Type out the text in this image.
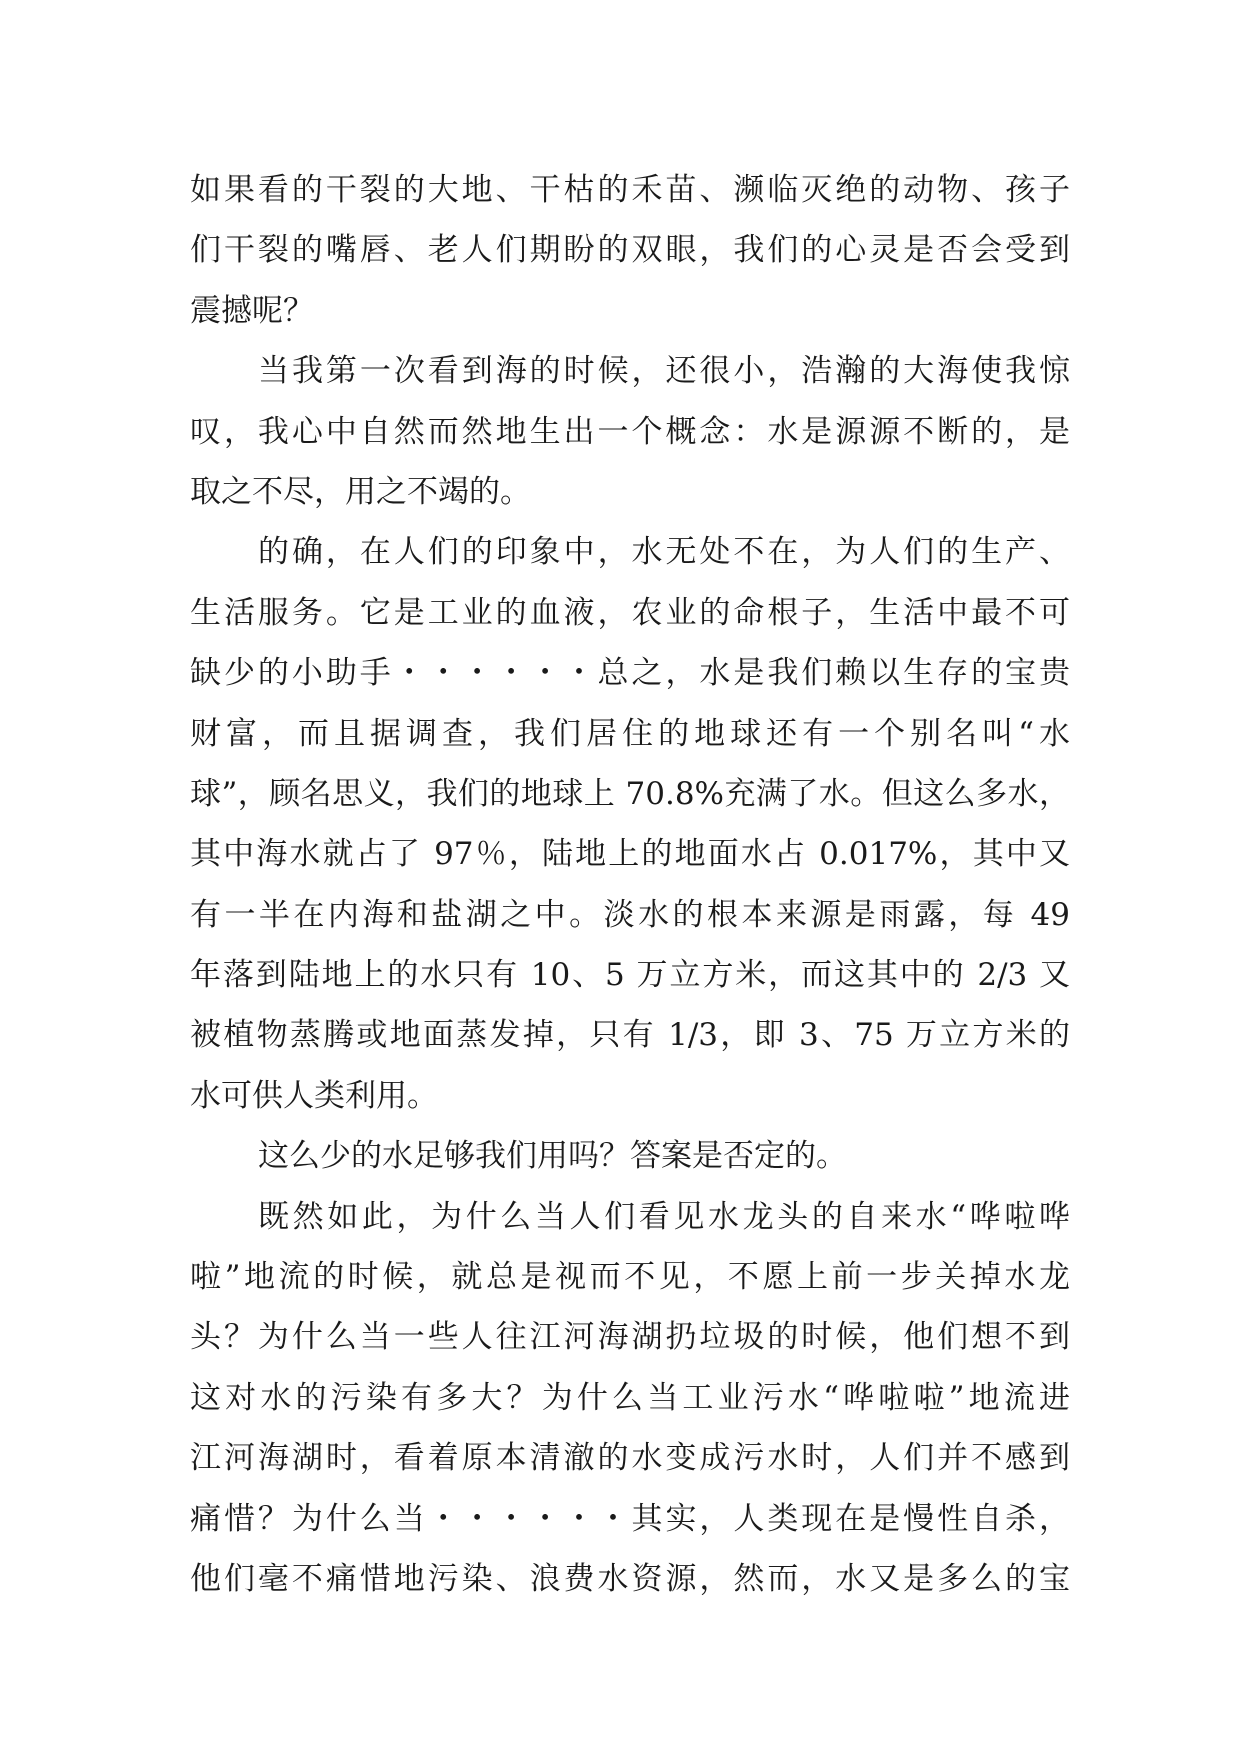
如果看的干裂的大地、干枯的禾苗、濒临灭绝的动物、孩子
们干裂的嘴唇、老人们期盼的双眼，我们的心灵是否会受到
震撼呢？
当我第一次看到海的时候，还很小，浩瀚的大海使我惊
叹，我心中自然而然地生出一个概念：水是源源不断的，是
取之不尽，用之不竭的。
的确，在人们的印象中，水无处不在，为人们的生产、
生活服务。它是工业的血液，农业的命根子，生活中最不可
缺少的小助手・・・・・・总之，水是我们赖以生存的宝贵
财富，而且据调查，我们居住的地球还有一个别名叫“水
球”，顾名思义，我们的地球上 70.8%充满了水。但这么多水，
其中海水就占了 97％，陆地上的地面水占 0.017%，其中又
有一半在内海和盐湖之中。淡水的根本来源是雨露，每 49
年落到陆地上的水只有 10、5 万立方米，而这其中的 2/3 又
被植物蒸腾或地面蒸发掉，只有 1/3，即 3、75 万立方米的
水可供人类利用。
这么少的水足够我们用吗？答案是否定的。
既然如此，为什么当人们看见水龙头的自来水“哗啦哗
啦”地流的时候，就总是视而不见，不愿上前一步关掉水龙
头？为什么当一些人往江河海湖扔垃圾的时候，他们想不到
这对水的污染有多大？为什么当工业污水“哗啦啦”地流进
江河海湖时，看着原本清澈的水变成污水时，人们并不感到
痛惜？为什么当・・・・・・其实，人类现在是慢性自杀，
他们毫不痛惜地污染、浪费水资源，然而，水又是多么的宝
